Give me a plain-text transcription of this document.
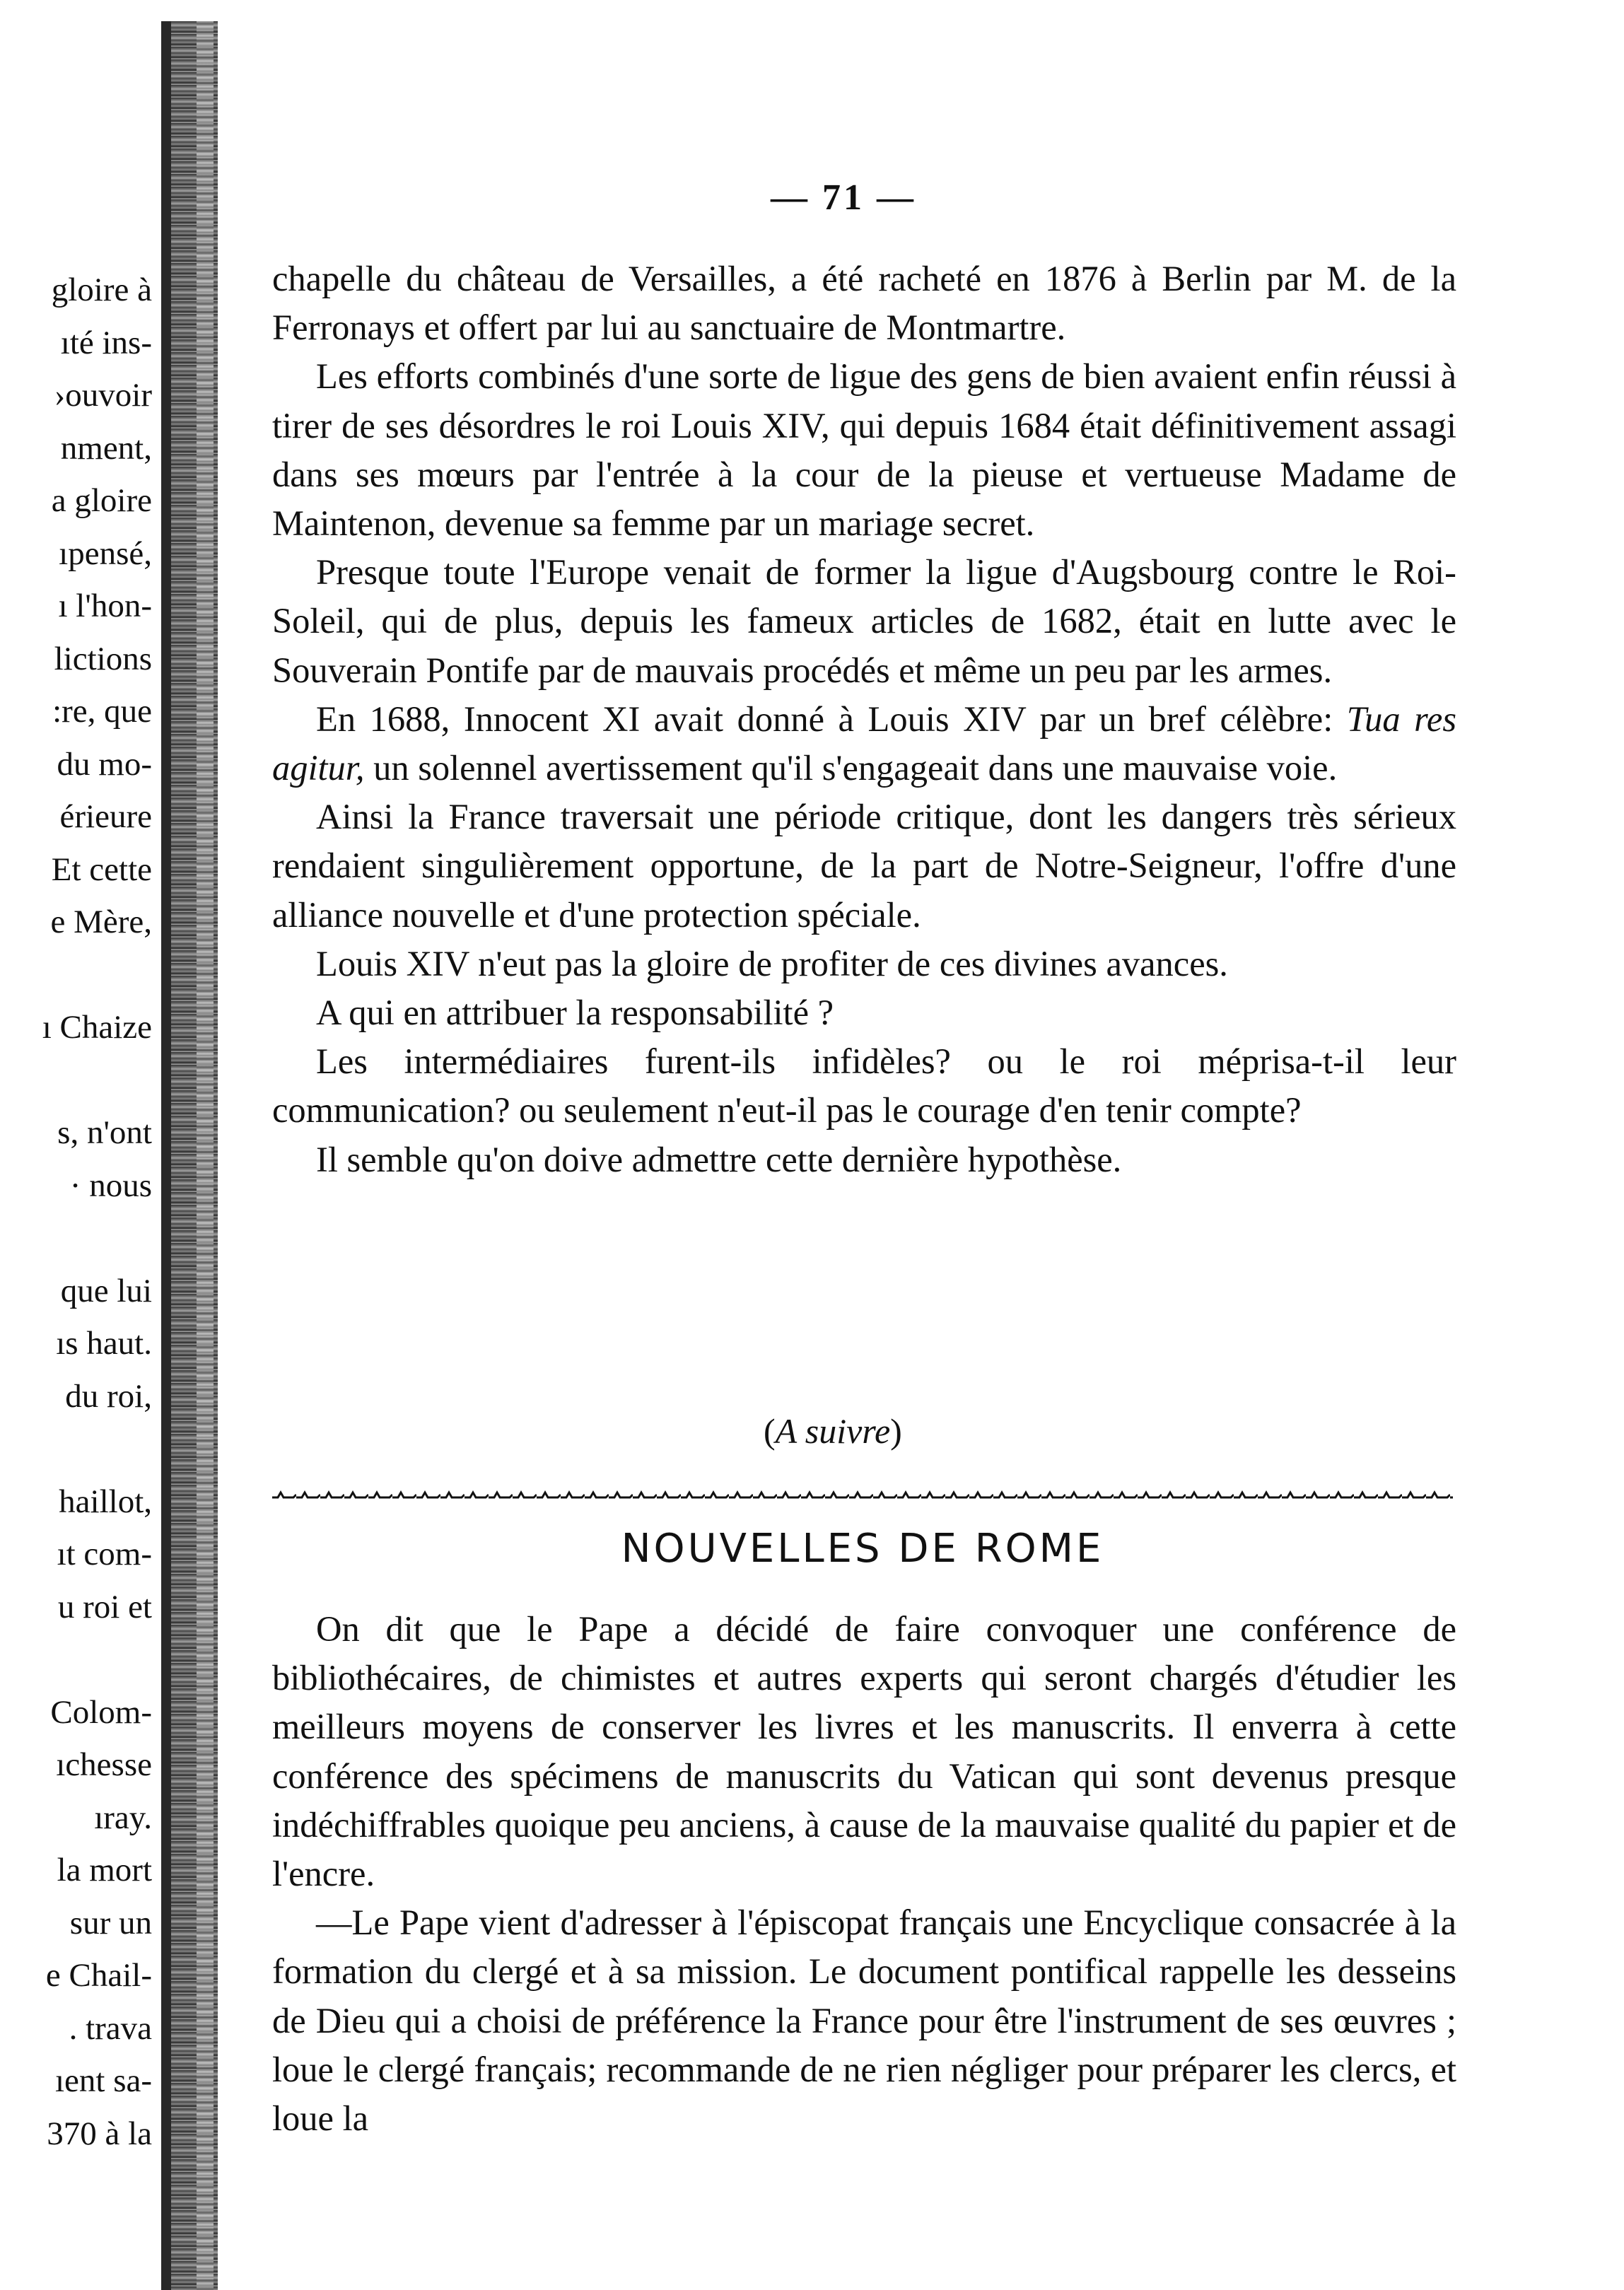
gloire à
ıté ins-
›ouvoir
nment,
a gloire
ıpensé,
ı l'hon-
lictions
:re, que
du mo-
érieure
Et cette
e Mère,
ı Chaize
s, n'ont
· nous
que lui
ıs haut.
du roi,
haillot,
ıt com-
u roi et
Colom-
ıchesse
ıray.
la mort
sur un
e Chail-
. trava
ıent sa-
370 à la
— 71 —

chapelle du château de Versailles, a été racheté en 1876 à Berlin par M. de la Ferronays et offert par lui au sanctuaire de Montmartre.

Les efforts combinés d'une sorte de ligue des gens de bien avaient enfin réussi à tirer de ses désordres le roi Louis XIV, qui depuis 1684 était définitivement assagi dans ses mœurs par l'entrée à la cour de la pieuse et vertueuse Madame de Maintenon, devenue sa femme par un mariage secret.

Presque toute l'Europe venait de former la ligue d'Augsbourg contre le Roi-Soleil, qui de plus, depuis les fameux articles de 1682, était en lutte avec le Souverain Pontife par de mauvais procédés et même un peu par les armes.

En 1688, Innocent XI avait donné à Louis XIV par un bref célèbre: Tua res agitur, un solennel avertissement qu'il s'engageait dans une mauvaise voie.

Ainsi la France traversait une période critique, dont les dangers très sérieux rendaient singulièrement opportune, de la part de Notre-Seigneur, l'offre d'une alliance nouvelle et d'une protection spéciale.

Louis XIV n'eut pas la gloire de profiter de ces divines avances.

A qui en attribuer la responsabilité ?

Les intermédiaires furent-ils infidèles? ou le roi méprisa-t-il leur communication? ou seulement n'eut-il pas le courage d'en tenir compte?

Il semble qu'on doive admettre cette dernière hypothèse.

(A suivre)
NOUVELLES DE ROME

On dit que le Pape a décidé de faire convoquer une conférence de bibliothécaires, de chimistes et autres experts qui seront chargés d'étudier les meilleurs moyens de conserver les livres et les manuscrits. Il enverra à cette conférence des spécimens de manuscrits du Vatican qui sont devenus presque indéchiffrables quoique peu anciens, à cause de la mauvaise qualité du papier et de l'encre.

—Le Pape vient d'adresser à l'épiscopat français une Encyclique consacrée à la formation du clergé et à sa mission. Le document pontifical rappelle les desseins de Dieu qui a choisi de préférence la France pour être l'instrument de ses œuvres ; loue le clergé français; recommande de ne rien négliger pour préparer les clercs, et loue la
